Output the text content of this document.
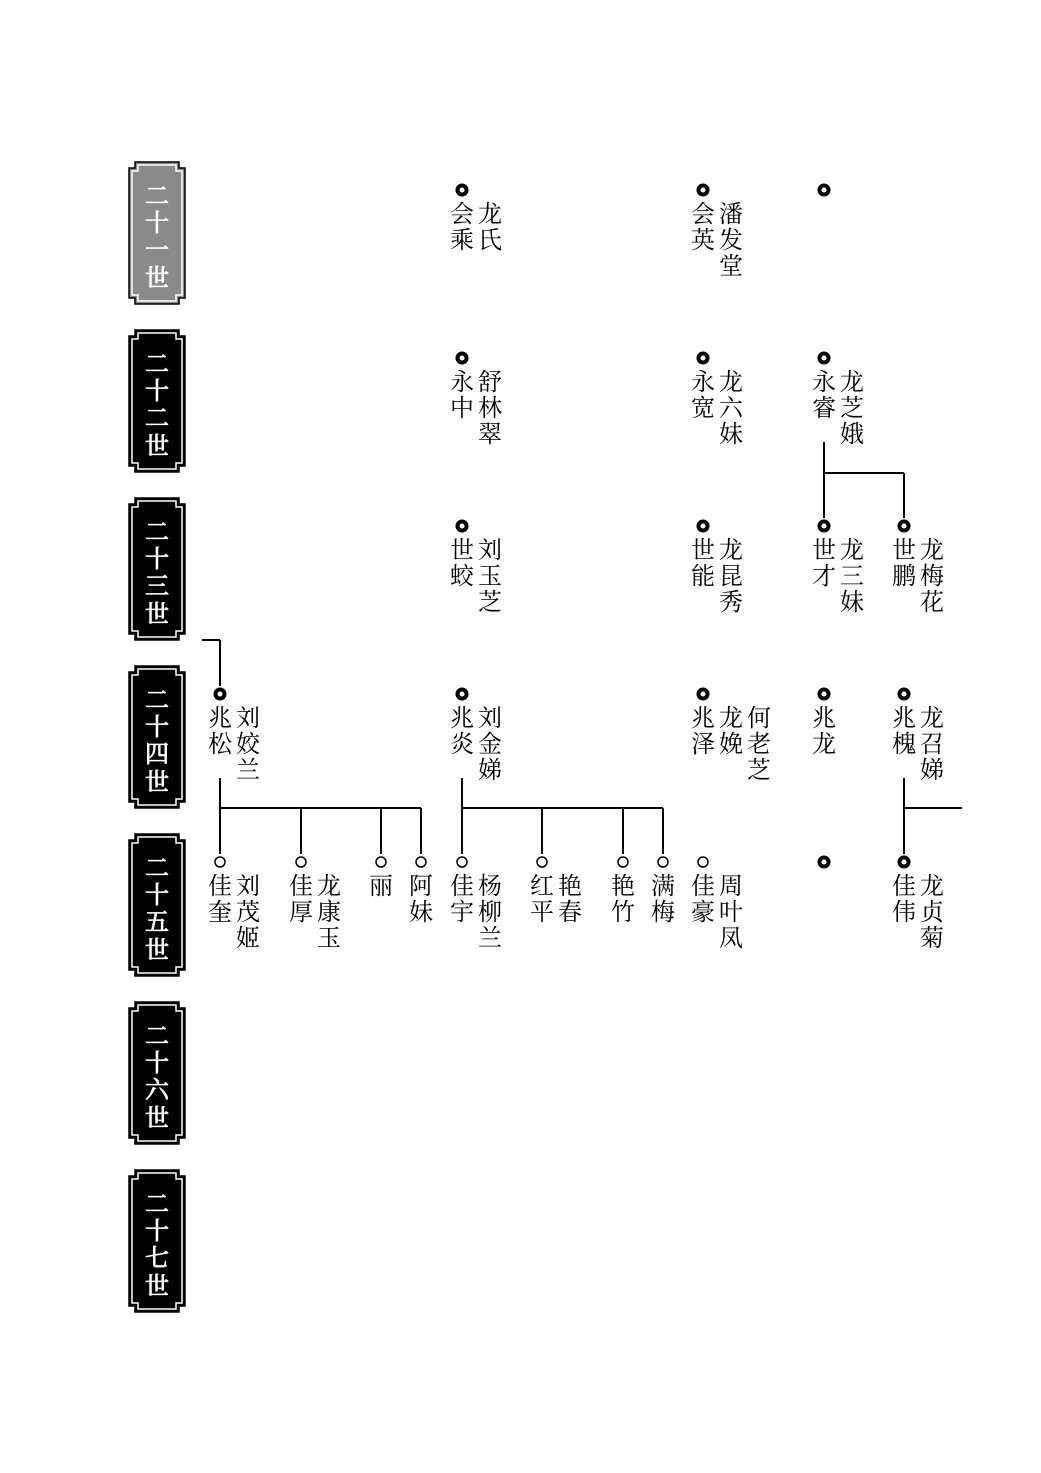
二
十
一
世
二
十
二
世
二
十
三
世
二
十
四
世
二
十
五
世
二
十
六
世
二
十
七
世
会
乘
龙
氏
永
中
舒
林
翠
世
蛟
刘
玉
芝
兆
炎
刘
金
娣
佳
宇
杨
柳
兰
红
平
艳
春
艳
竹
满
梅
兆
松
刘
姣
兰
佳
奎
刘
茂
姬
佳
厚
龙
康
玉
丽 阿
妹
会
英
潘
发
堂
永
宽
龙
六
妹
世
能
龙
昆
秀
兆
泽
龙
娩
何
老
芝
佳
豪
周
叶
凤
永
睿
龙
芝
娥
世
才
龙
三
妹
世
鹏
龙
梅
花
兆
龙
兆
槐
龙
召
娣
佳
伟
龙
贞
菊
